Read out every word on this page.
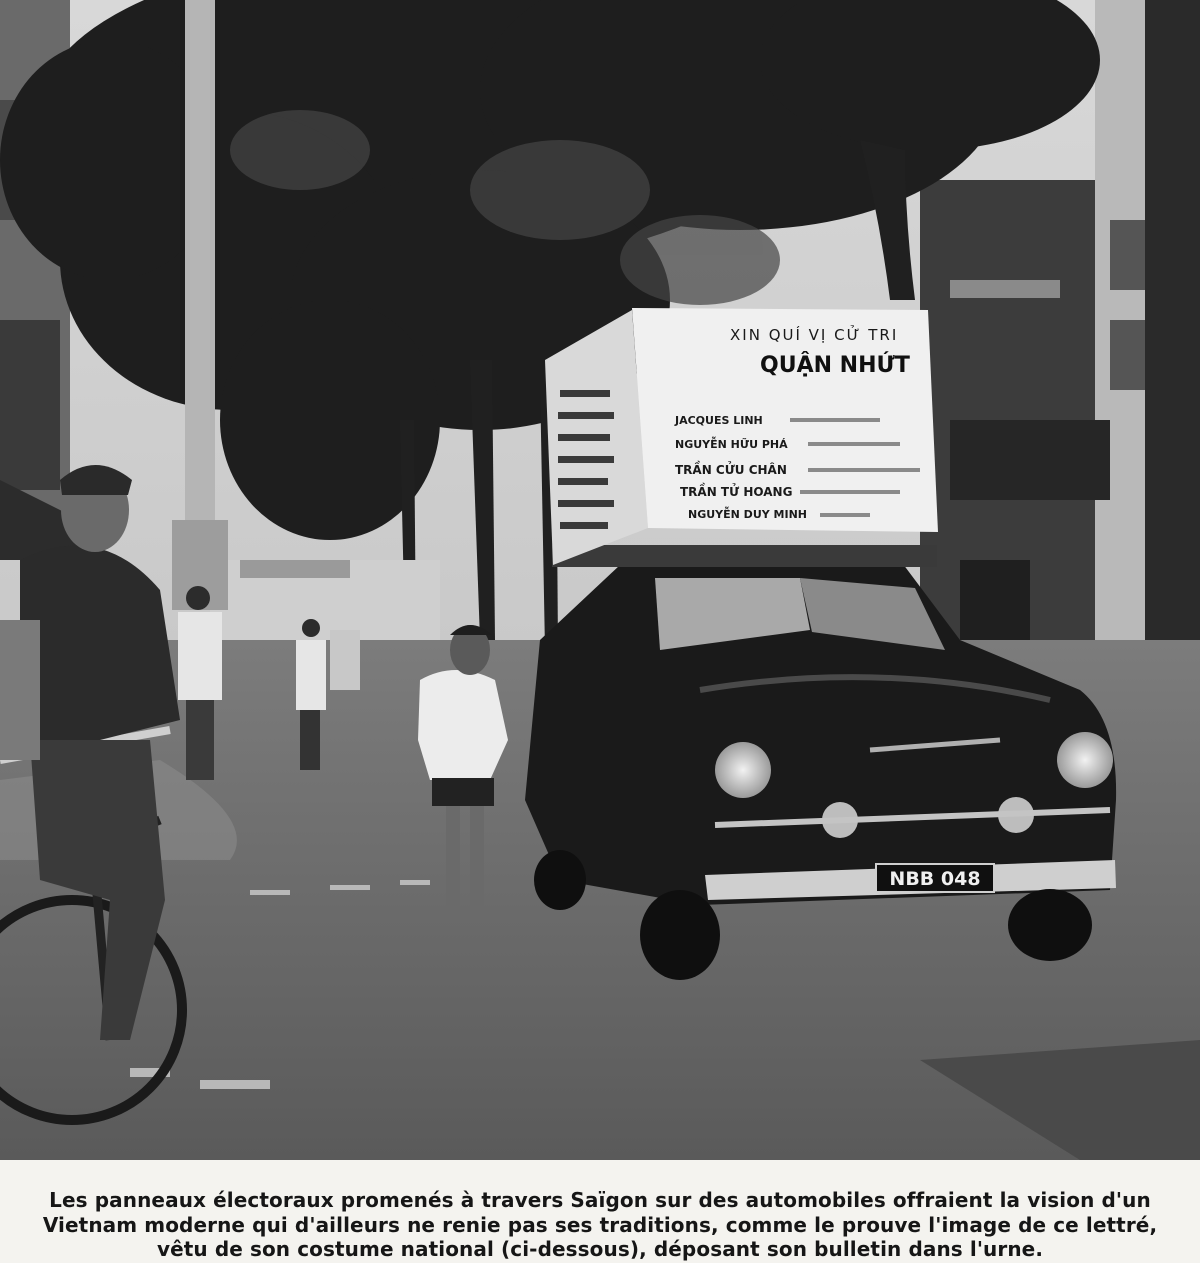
NBB 048
XIN QUÍ VỊ CỬ TRI
QUẬN NHỨT
JACQUES LINH
NGUYỄN HỮU PHÁ
TRẦN CỬU CHÂN
TRẦN TỬ HOANG
NGUYỄN DUY MINH
Les panneaux électoraux promenés à travers Saïgon sur des automobiles offraient la vision d'un
Vietnam moderne qui d'ailleurs ne renie pas ses traditions, comme le prouve l'image de ce lettré,
vêtu de son costume national (ci-dessous), déposant son bulletin dans l'urne.
